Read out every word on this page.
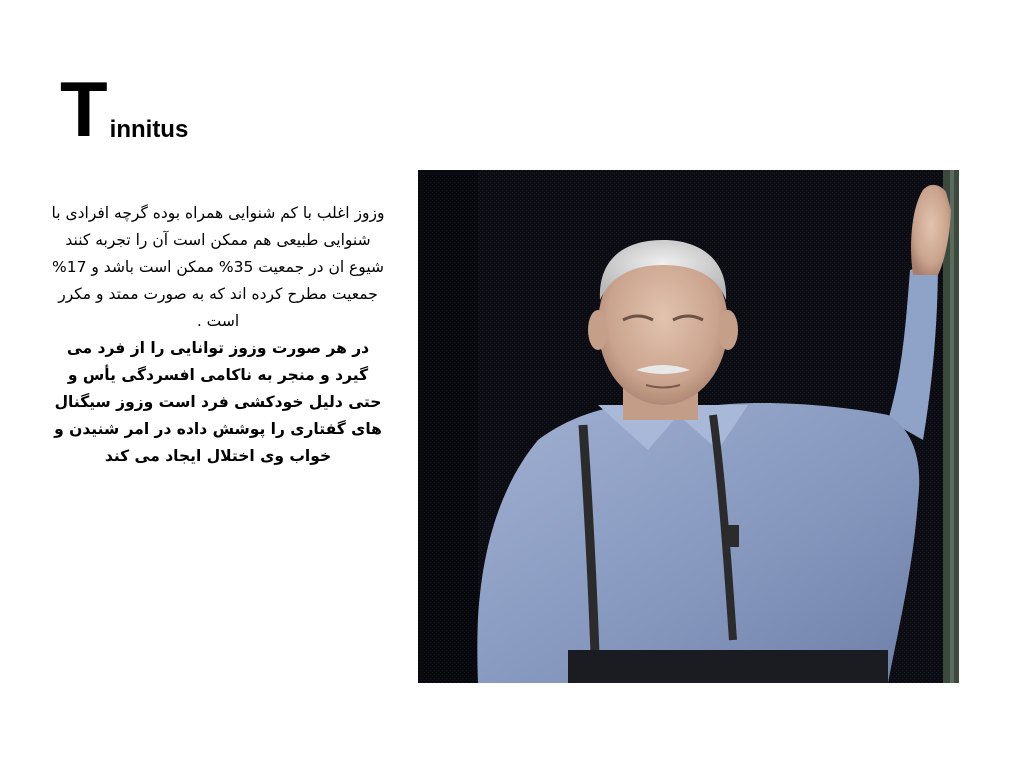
T innitus

وزوز اغلب با کم شنوایی همراه بوده گرچه افرادی با شنوایی طبیعی هم ممکن است آن را تجربه کنند شیوع ان در جمعیت 35% ممکن است باشد و 17% جمعیت مطرح کرده اند که به صورت ممتد و مکرر است .

در هر صورت وزوز توانایی را از فرد می گیرد و منجر به ناکامی افسردگی یأس و حتی دلیل خودکشی فرد است وزوز سیگنال های گفتاری را پوشش داده در امر شنیدن و خواب وی اختلال ایجاد می کند
